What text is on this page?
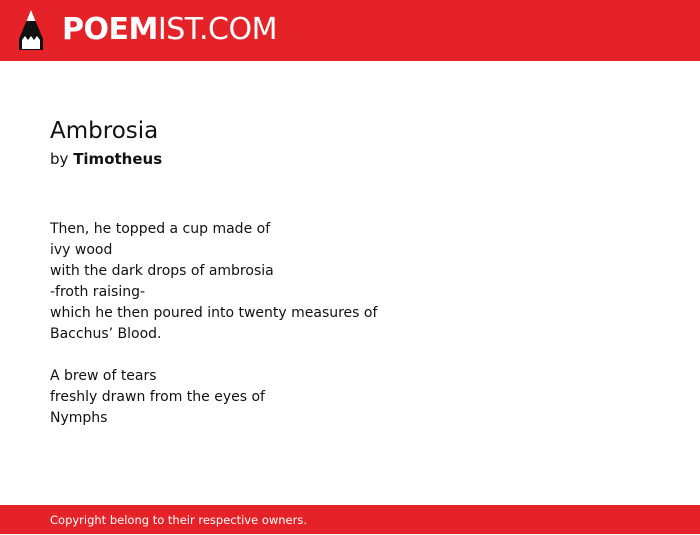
POEMIST.COM
Ambrosia
by Timotheus
Then, he topped a cup made of
ivy wood
with the dark drops of ambrosia
-froth raising-
which he then poured into twenty measures of
Bacchus’ Blood.
A brew of tears
freshly drawn from the eyes of
Nymphs
Copyright belong to their respective owners.
